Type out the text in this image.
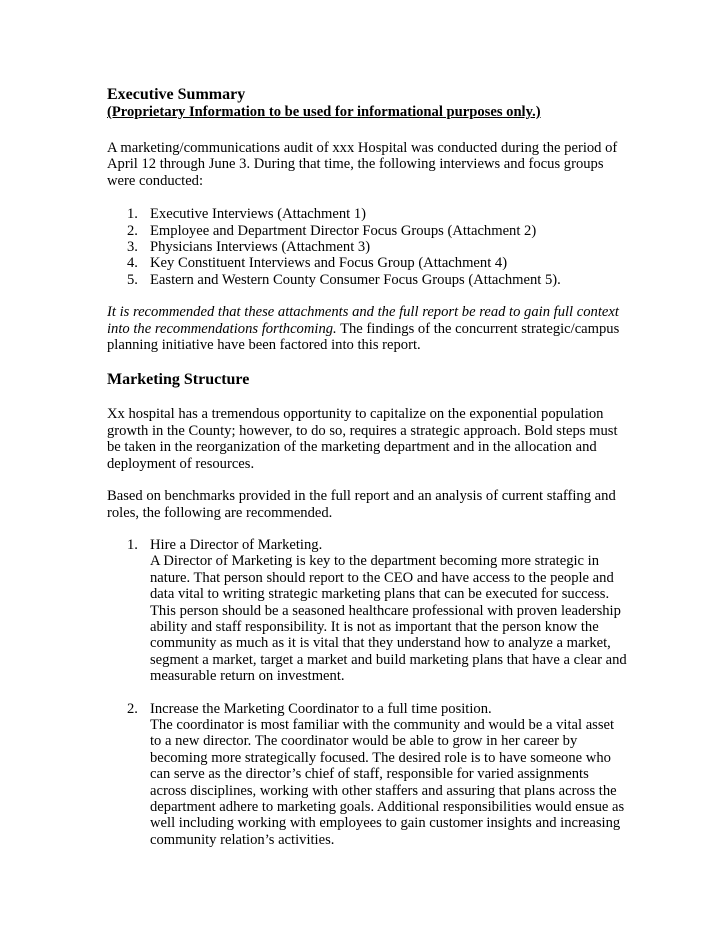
Executive Summary

(Proprietary Information to be used for informational purposes only.)

A marketing/communications audit of xxx Hospital was conducted during the period of April 12 through June 3. During that time, the following interviews and focus groups were conducted:

1. Executive Interviews (Attachment 1)
2. Employee and Department Director Focus Groups (Attachment 2)
3. Physicians Interviews (Attachment 3)
4. Key Constituent Interviews and Focus Group (Attachment 4)
5. Eastern and Western County Consumer Focus Groups (Attachment 5).

It is recommended that these attachments and the full report be read to gain full context into the recommendations forthcoming. The findings of the concurrent strategic/campus planning initiative have been factored into this report.

Marketing Structure

Xx hospital has a tremendous opportunity to capitalize on the exponential population growth in the County; however, to do so, requires a strategic approach. Bold steps must be taken in the reorganization of the marketing department and in the allocation and deployment of resources.

Based on benchmarks provided in the full report and an analysis of current staffing and roles, the following are recommended.

1. Hire a Director of Marketing.
A Director of Marketing is key to the department becoming more strategic in nature. That person should report to the CEO and have access to the people and data vital to writing strategic marketing plans that can be executed for success. This person should be a seasoned healthcare professional with proven leadership ability and staff responsibility. It is not as important that the person know the community as much as it is vital that they understand how to analyze a market, segment a market, target a market and build marketing plans that have a clear and measurable return on investment.
2. Increase the Marketing Coordinator to a full time position.
The coordinator is most familiar with the community and would be a vital asset to a new director. The coordinator would be able to grow in her career by becoming more strategically focused. The desired role is to have someone who can serve as the director’s chief of staff, responsible for varied assignments across disciplines, working with other staffers and assuring that plans across the department adhere to marketing goals. Additional responsibilities would ensue as well including working with employees to gain customer insights and increasing community relation’s activities.
